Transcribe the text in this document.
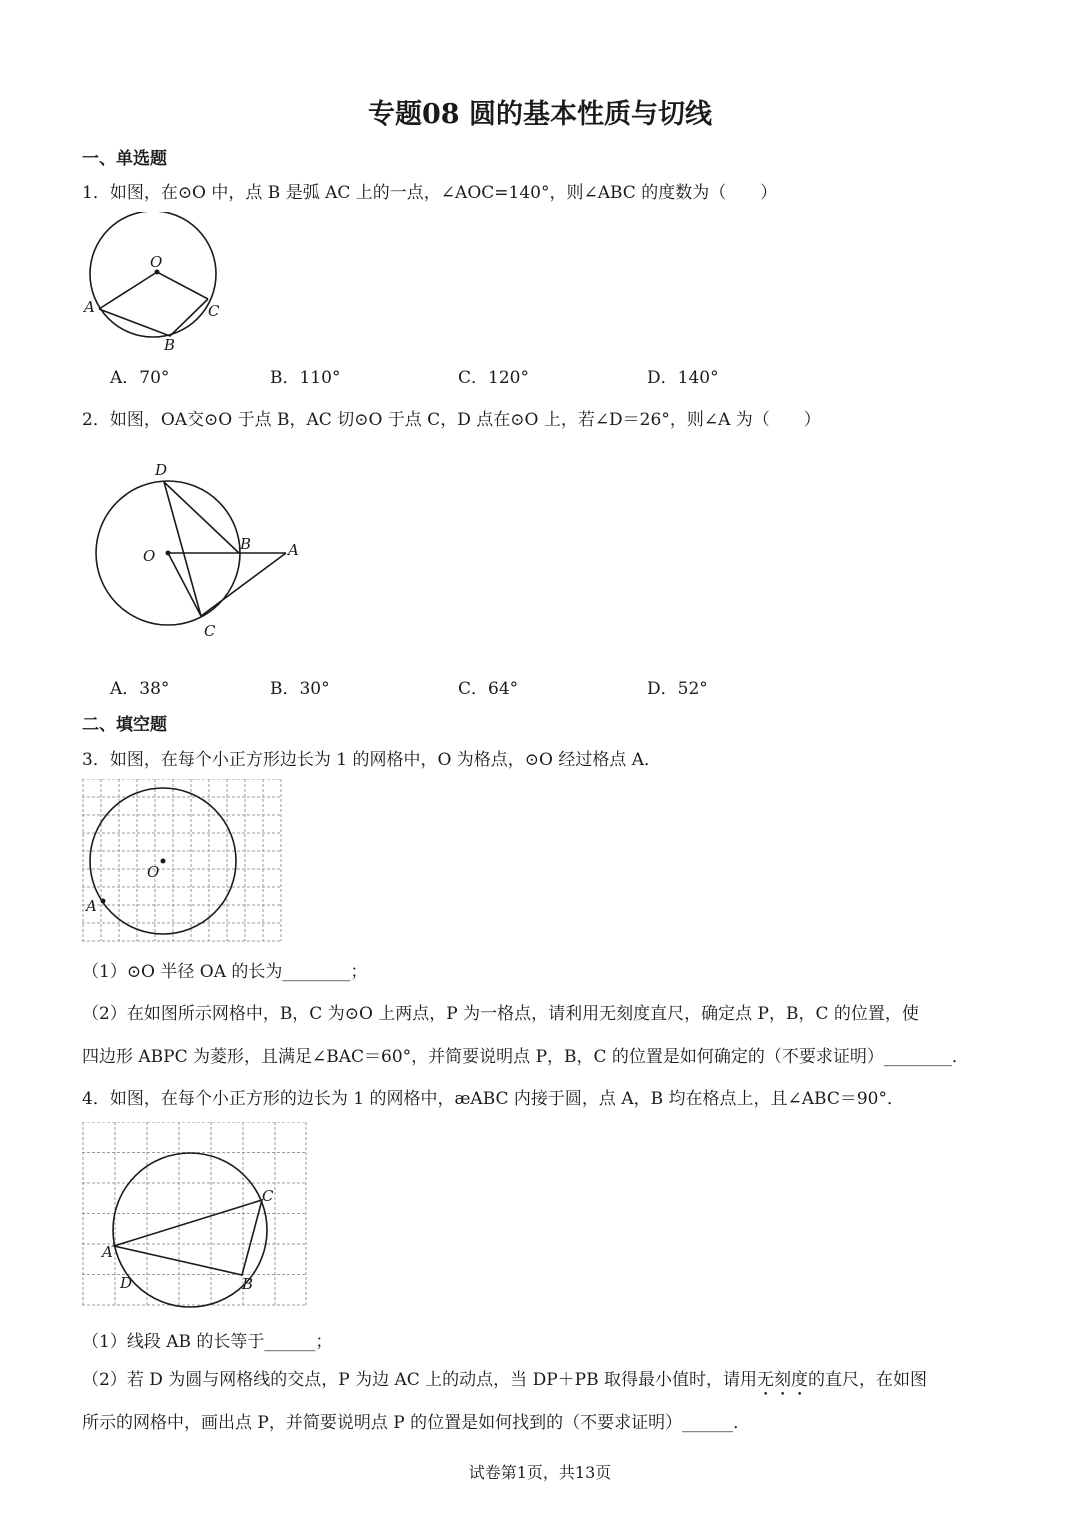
专题08 圆的基本性质与切线
一、单选题
1．如图，在⊙O 中，点 B 是弧 AC 上的一点，∠AOC=140°，则∠ABC 的度数为（　　）
O
A
B
C
A．70°	B．110°	C．120°	D．140°
2．如图，OA交⊙O 于点 B，AC 切⊙O 于点 C，D 点在⊙O 上，若∠D＝26°，则∠A 为（　　）
D
O
B A
C
A．38°	B．30°	C．64°	D．52°
二、填空题
3．如图，在每个小正方形边长为 1 的网格中，O 为格点，⊙O 经过格点 A．
O
A
（1）⊙O 半径 OA 的长为________；
（2）在如图所示网格中，B，C 为⊙O 上两点，P 为一格点，请利用无刻度直尺，确定点 P，B，C 的位置，使
四边形 ABPC 为菱形，且满足∠BAC＝60°，并简要说明点 P，B，C 的位置是如何确定的（不要求证明）________．
4．如图，在每个小正方形的边长为 1 的网格中，ӕABC 内接于圆，点 A，B 均在格点上，且∠ABC＝90°．
A
B
C
D
（1）线段 AB 的长等于______；
（2）若 D 为圆与网格线的交点，P 为边 AC 上的动点，当 DP＋PB 取得最小值时，请用无刻度的直尺，在如图
所示的网格中，画出点 P，并简要说明点 P 的位置是如何找到的（不要求证明）______．
试卷第1页，共13页
